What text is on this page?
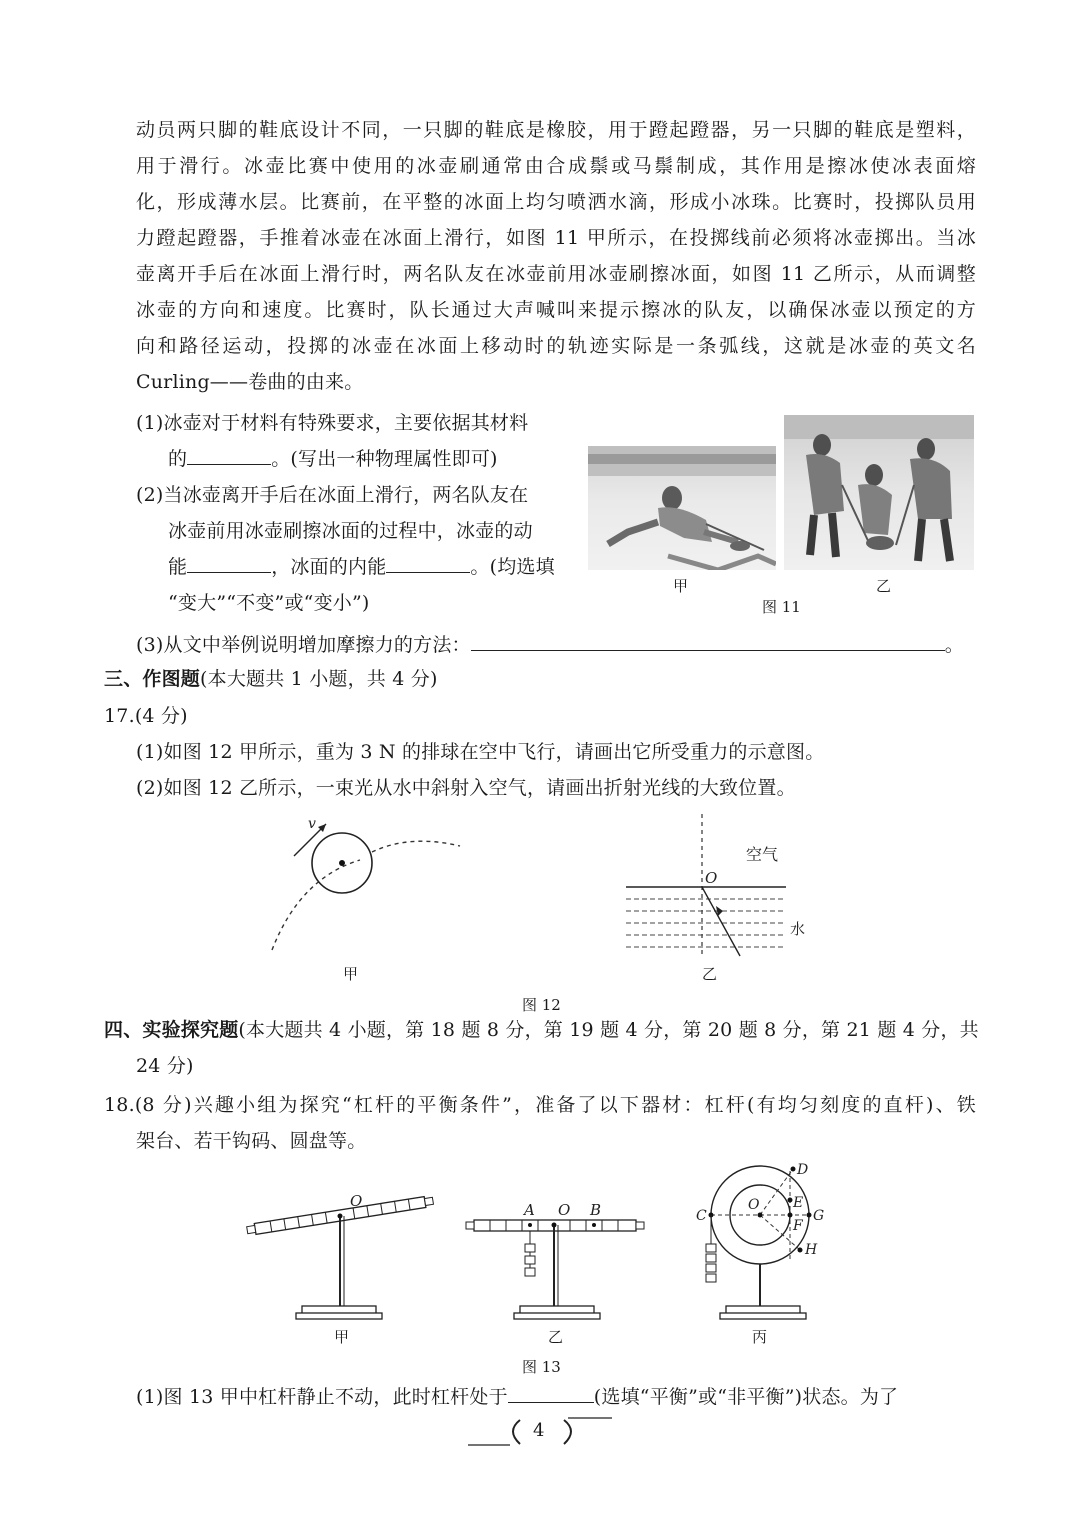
动员两只脚的鞋底设计不同，一只脚的鞋底是橡胶，用于蹬起蹬器，另一只脚的鞋底是塑料，
用于滑行。冰壶比赛中使用的冰壶刷通常由合成鬃或马鬃制成，其作用是擦冰使冰表面熔
化，形成薄水层。比赛前，在平整的冰面上均匀喷洒水滴，形成小冰珠。比赛时，投掷队员用
力蹬起蹬器，手推着冰壶在冰面上滑行，如图 11 甲所示，在投掷线前必须将冰壶掷出。当冰
壶离开手后在冰面上滑行时，两名队友在冰壶前用冰壶刷擦冰面，如图 11 乙所示，从而调整
冰壶的方向和速度。比赛时，队长通过大声喊叫来提示擦冰的队友，以确保冰壶以预定的方
向和路径运动，投掷的冰壶在冰面上移动时的轨迹实际是一条弧线，这就是冰壶的英文名
Curling——卷曲的由来。
(1)冰壶对于材料有特殊要求，主要依据其材料
的	。(写出一种物理属性即可)
(2)当冰壶离开手后在冰面上滑行，两名队友在
冰壶前用冰壶刷擦冰面的过程中，冰壶的动
能	，冰面的内能	。(均选填
“变大”“不变”或“变小”)
甲	乙
图 11
(3)从文中举例说明增加摩擦力的方法：	。
三、作图题(本大题共 1 小题，共 4 分)
17.(4 分)
(1)如图 12 甲所示，重为 3 N 的排球在空中飞行，请画出它所受重力的示意图。
(2)如图 12 乙所示，一束光从水中斜射入空气，请画出折射光线的大致位置。
v
空气
O
水
甲	乙
图 12
四、实验探究题(本大题共 4 小题，第 18 题 8 分，第 19 题 4 分，第 20 题 8 分，第 21 题 4 分，共
24 分)
18.(8 分)兴趣小组为探究“杠杆的平衡条件”，准备了以下器材：杠杆(有均匀刻度的直杆)、铁
架台、若干钩码、圆盘等。
O	A O B	O
C
D
E
F
G
H
甲	乙	丙
图 13
(1)图 13 甲中杠杆静止不动，此时杠杆处于	(选填“平衡”或“非平衡”)状态。为了
4
